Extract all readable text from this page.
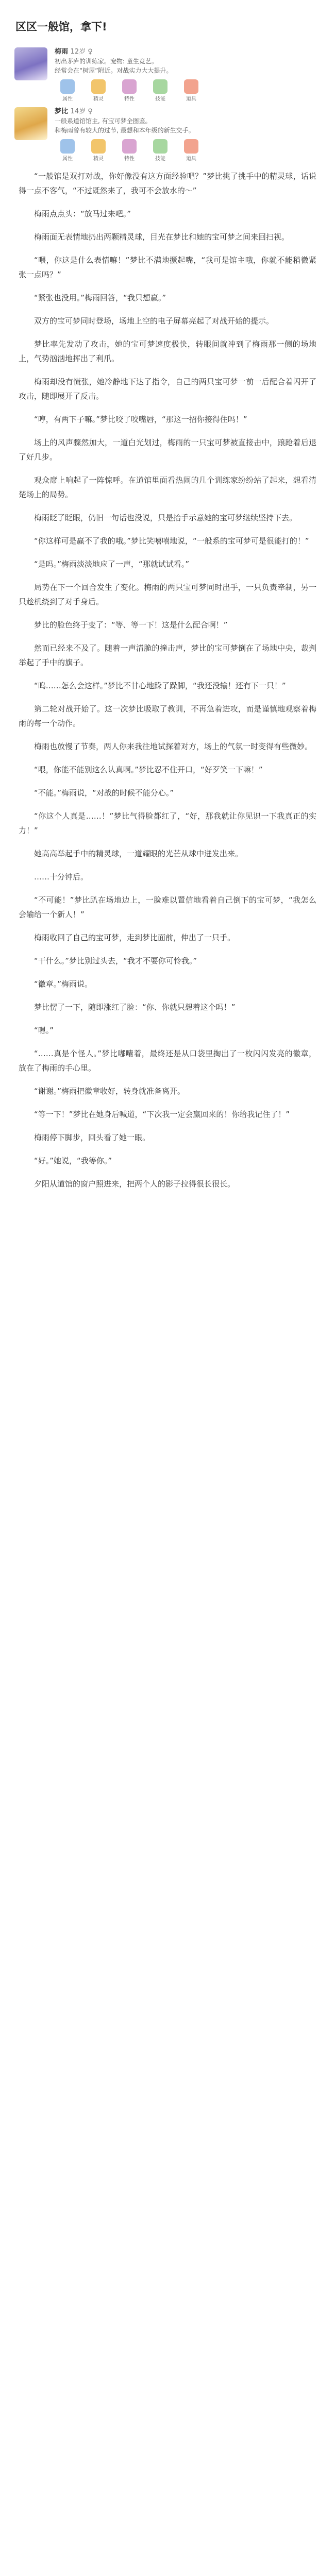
区区一般馆，拿下!
梅雨 12岁 ♀
初出茅庐的训练家。宠物: 童生竞艺。
经常会在“树屋”附近。对战实力大大提升。
属性	精灵	特性	技能	道具
梦比 14岁 ♀
一般系道馆馆主, 有宝可梦全图鉴。
和梅雨曾有较大的过节, 最想和本年级的新生交手。
属性	精灵	特性	技能	道具

“一般馆是双打对战，你好像没有这方面经验吧？”梦比挑了挑手中的精灵球，话说得一点不客气，“不过既然来了，我可不会放水的～”

梅雨点点头：“放马过来吧。”

梅雨面无表情地扔出两颗精灵球，目光在梦比和她的宝可梦之间来回扫视。

“喂，你这是什么表情嘛！”梦比不满地撅起嘴，“我可是馆主哦，你就不能稍微紧张一点吗？”

“紧张也没用。”梅雨回答，“我只想赢。”

双方的宝可梦同时登场，场地上空的电子屏幕亮起了对战开始的提示。

梦比率先发动了攻击，她的宝可梦速度极快，转眼间就冲到了梅雨那一侧的场地上，气势汹汹地挥出了利爪。

梅雨却没有慌张，她冷静地下达了指令，自己的两只宝可梦一前一后配合着闪开了攻击，随即展开了反击。

“哼，有两下子嘛。”梦比咬了咬嘴唇，“那这一招你接得住吗！”

场上的风声骤然加大，一道白光划过，梅雨的一只宝可梦被直接击中，踉跄着后退了好几步。

观众席上响起了一阵惊呼。在道馆里面看热闹的几个训练家纷纷站了起来，想看清楚场上的局势。

梅雨眨了眨眼，仍旧一句话也没说，只是抬手示意她的宝可梦继续坚持下去。

“你这样可是赢不了我的哦。”梦比笑嘻嘻地说，“一般系的宝可梦可是很能打的！”

“是吗。”梅雨淡淡地应了一声，“那就试试看。”

局势在下一个回合发生了变化。梅雨的两只宝可梦同时出手，一只负责牵制，另一只趁机绕到了对手身后。

梦比的脸色终于变了：“等、等一下！这是什么配合啊！”

然而已经来不及了。随着一声清脆的撞击声，梦比的宝可梦倒在了场地中央，裁判举起了手中的旗子。

“呜……怎么会这样。”梦比不甘心地跺了跺脚，“我还没输！还有下一只！”

第二轮对战开始了。这一次梦比吸取了教训，不再急着进攻，而是谨慎地观察着梅雨的每一个动作。

梅雨也放慢了节奏，两人你来我往地试探着对方，场上的气氛一时变得有些微妙。

“喂，你能不能别这么认真啊。”梦比忍不住开口，“好歹笑一下嘛！”

“不能。”梅雨说，“对战的时候不能分心。”

“你这个人真是……！”梦比气得脸都红了，“好，那我就让你见识一下我真正的实力！”

她高高举起手中的精灵球，一道耀眼的光芒从球中迸发出来。

……十分钟后。

“不可能！”梦比趴在场地边上，一脸难以置信地看着自己倒下的宝可梦，“我怎么会输给一个新人！”

梅雨收回了自己的宝可梦，走到梦比面前，伸出了一只手。

“干什么。”梦比别过头去，“我才不要你可怜我。”

“徽章。”梅雨说。

梦比愣了一下，随即涨红了脸：“你、你就只想着这个吗！”

“嗯。”

“……真是个怪人。”梦比嘟囔着，最终还是从口袋里掏出了一枚闪闪发亮的徽章，放在了梅雨的手心里。

“谢谢。”梅雨把徽章收好，转身就准备离开。

“等一下！”梦比在她身后喊道，“下次我一定会赢回来的！你给我记住了！”

梅雨停下脚步，回头看了她一眼。

“好。”她说，“我等你。”

夕阳从道馆的窗户照进来，把两个人的影子拉得很长很长。
